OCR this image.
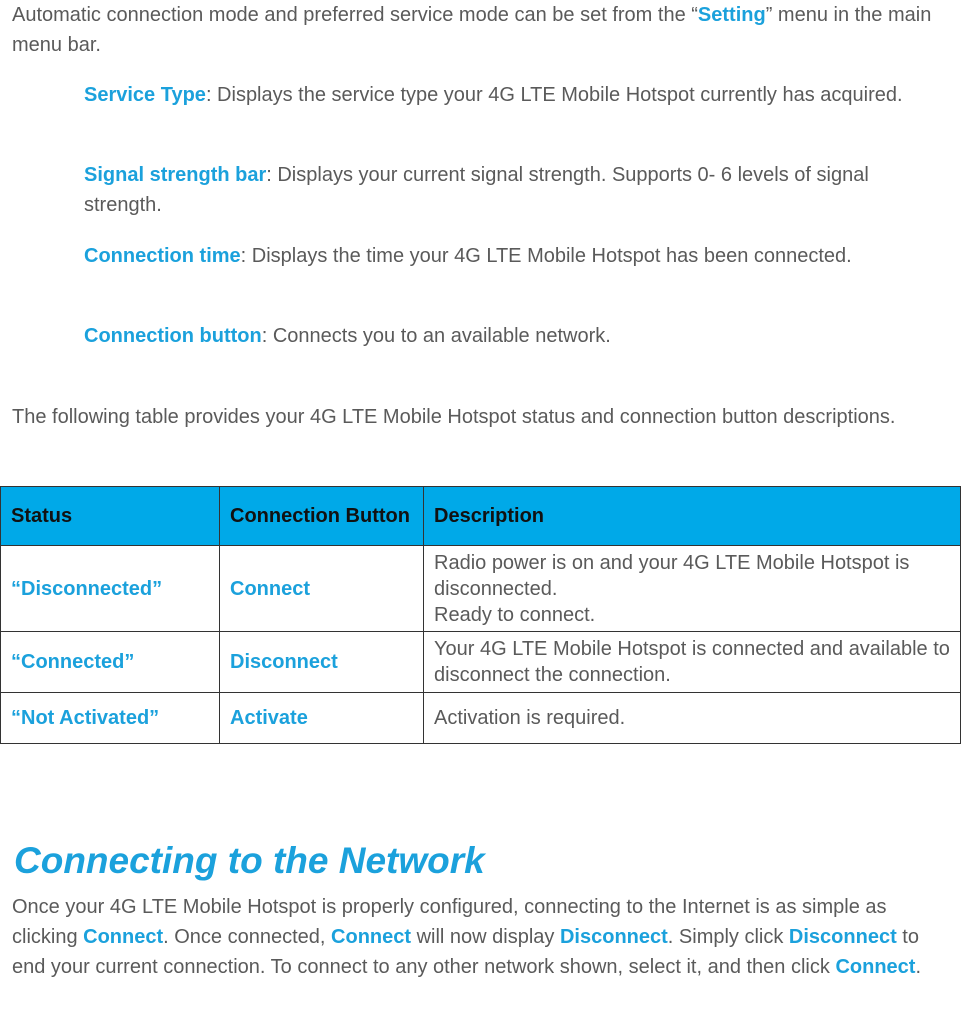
Automatic connection mode and preferred service mode can be set from the “Setting” menu in the main menu bar.

Service Type: Displays the service type your 4G LTE Mobile Hotspot currently has acquired.

Signal strength bar: Displays your current signal strength. Supports 0- 6 levels of signal strength.

Connection time: Displays the time your 4G LTE Mobile Hotspot has been connected.

Connection button: Connects you to an available network.

The following table provides your 4G LTE Mobile Hotspot status and connection button descriptions.

Status	Connection Button	Description
“Disconnected”	Connect	Radio power is on and your 4G LTE Mobile Hotspot is disconnected.
Ready to connect.

“Connected”	Disconnect	Your 4G LTE Mobile Hotspot is connected and available to disconnect the connection.

“Not Activated”	Activate	Activation is required.
Connecting to the Network

Once your 4G LTE Mobile Hotspot is properly configured, connecting to the Internet is as simple as clicking Connect. Once connected, Connect will now display Disconnect. Simply click Disconnect to end your current connection. To connect to any other network shown, select it, and then click Connect.
